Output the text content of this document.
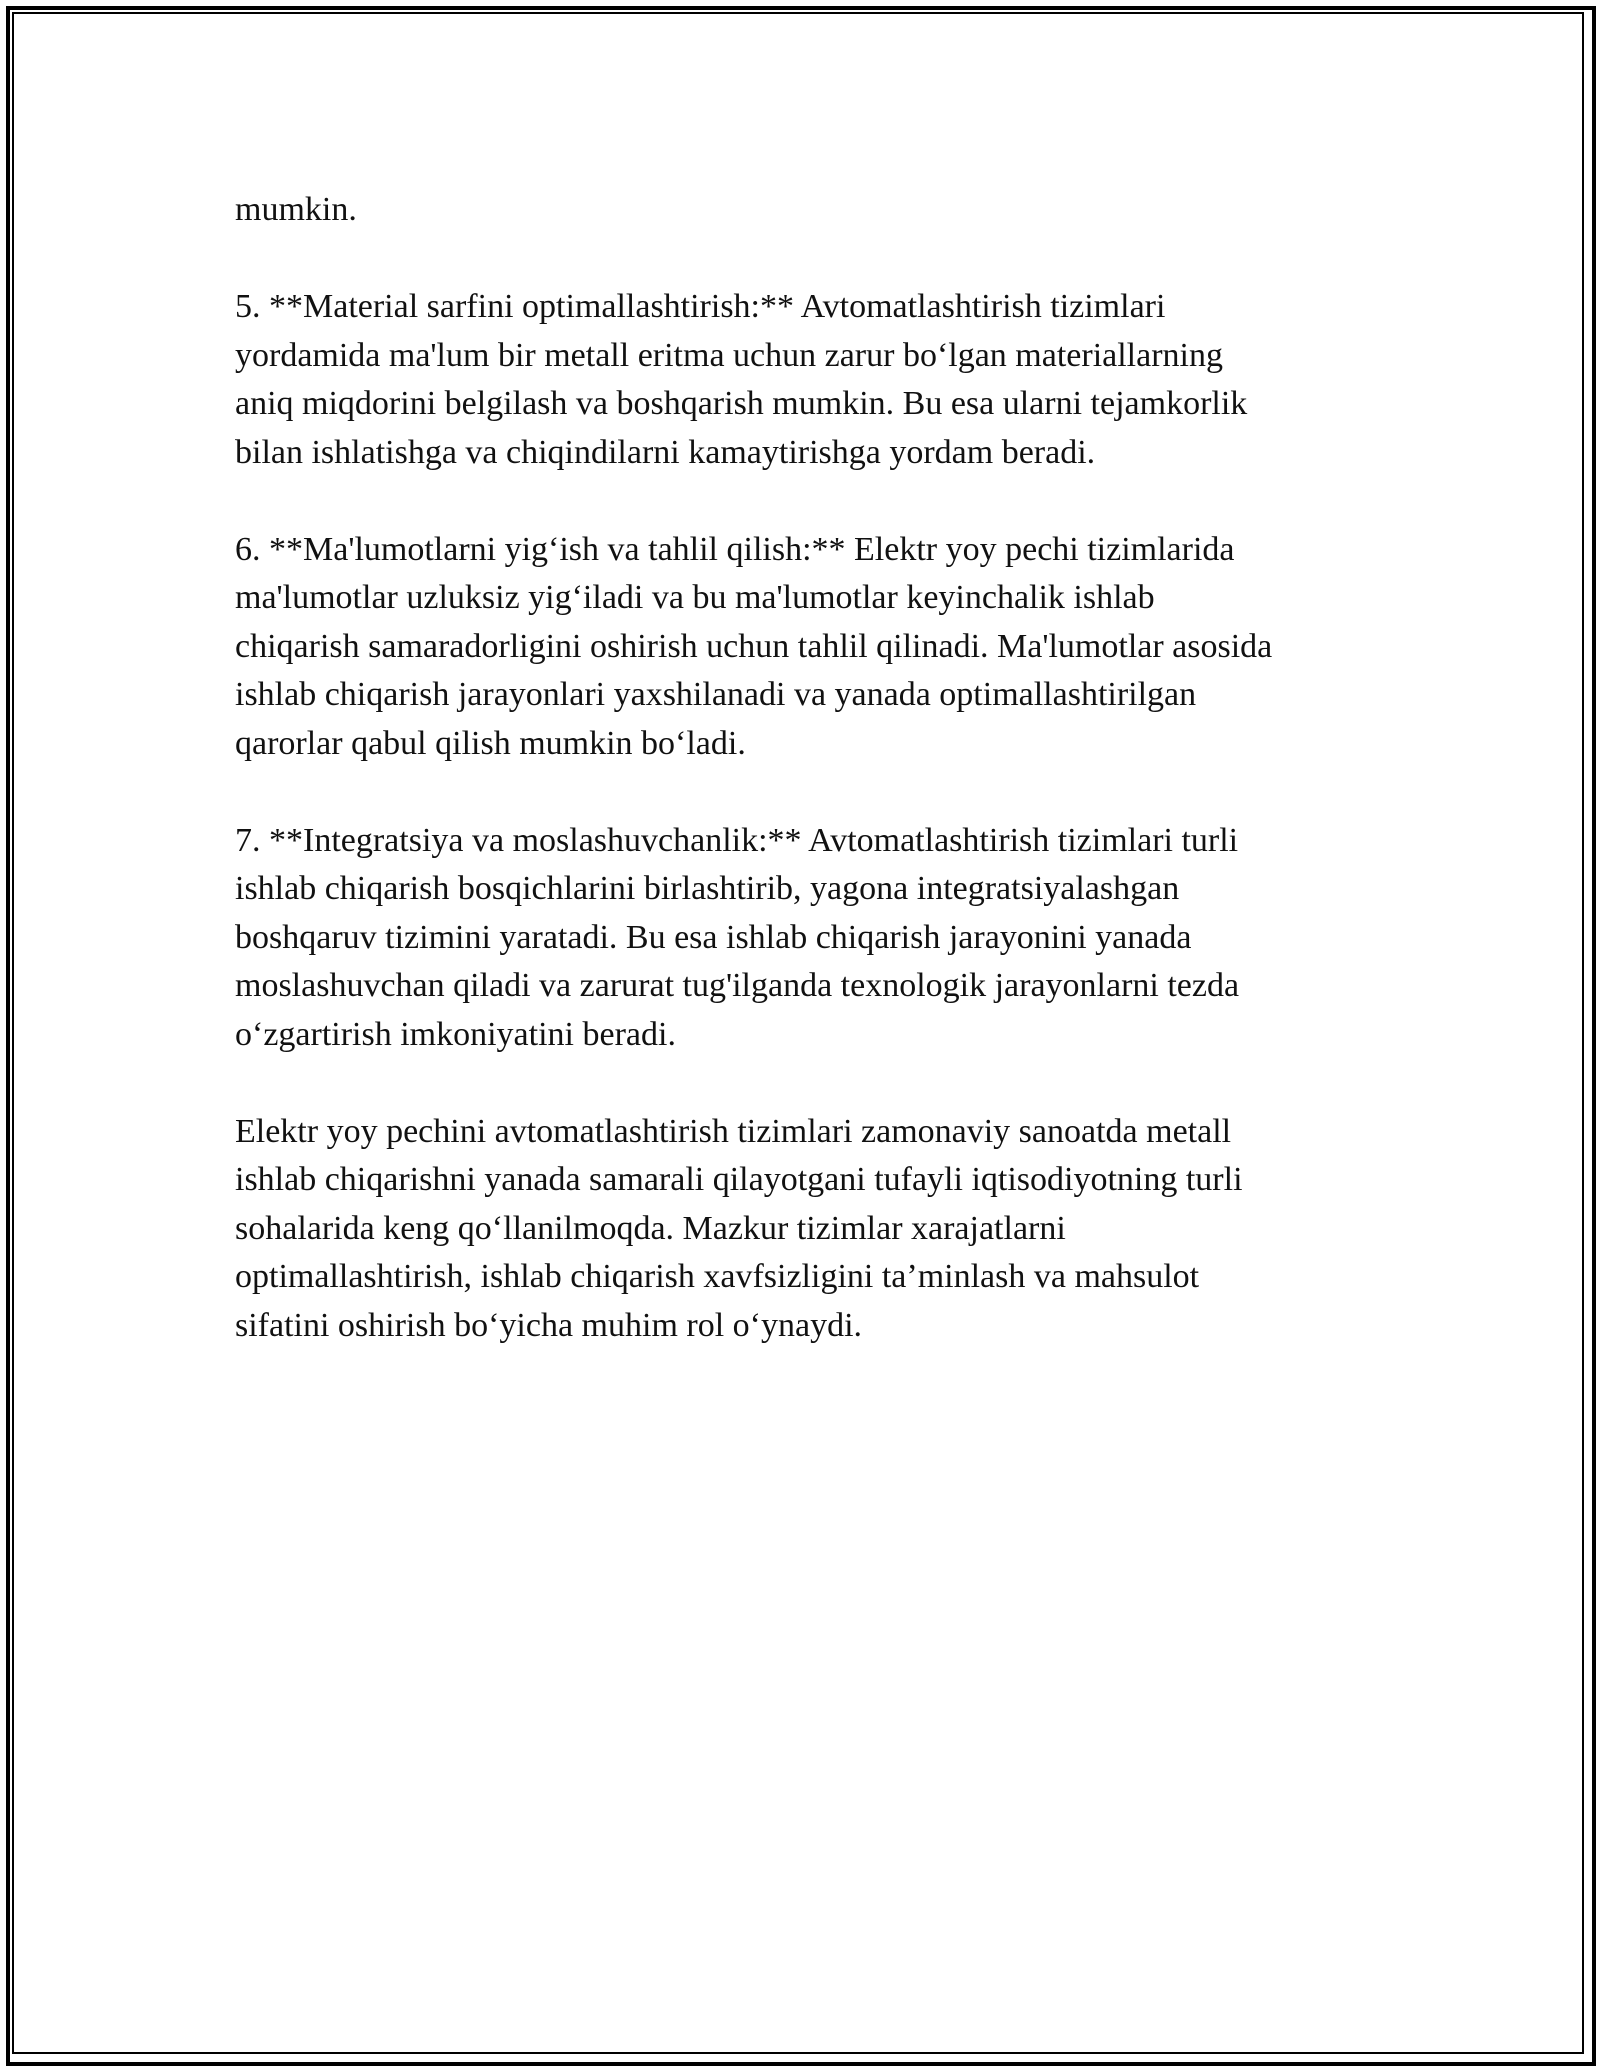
mumkin.

5. **Material sarfini optimallashtirish:** Avtomatlashtirish tizimlari
yordamida ma'lum bir metall eritma uchun zarur bo‘lgan materiallarning
aniq miqdorini belgilash va boshqarish mumkin. Bu esa ularni tejamkorlik
bilan ishlatishga va chiqindilarni kamaytirishga yordam beradi.

6. **Ma'lumotlarni yig‘ish va tahlil qilish:** Elektr yoy pechi tizimlarida
ma'lumotlar uzluksiz yig‘iladi va bu ma'lumotlar keyinchalik ishlab
chiqarish samaradorligini oshirish uchun tahlil qilinadi. Ma'lumotlar asosida
ishlab chiqarish jarayonlari yaxshilanadi va yanada optimallashtirilgan
qarorlar qabul qilish mumkin bo‘ladi.

7. **Integratsiya va moslashuvchanlik:** Avtomatlashtirish tizimlari turli
ishlab chiqarish bosqichlarini birlashtirib, yagona integratsiyalashgan
boshqaruv tizimini yaratadi. Bu esa ishlab chiqarish jarayonini yanada
moslashuvchan qiladi va zarurat tug'ilganda texnologik jarayonlarni tezda
o‘zgartirish imkoniyatini beradi.

Elektr yoy pechini avtomatlashtirish tizimlari zamonaviy sanoatda metall
ishlab chiqarishni yanada samarali qilayotgani tufayli iqtisodiyotning turli
sohalarida keng qo‘llanilmoqda. Mazkur tizimlar xarajatlarni
optimallashtirish, ishlab chiqarish xavfsizligini ta’minlash va mahsulot
sifatini oshirish bo‘yicha muhim rol o‘ynaydi.
